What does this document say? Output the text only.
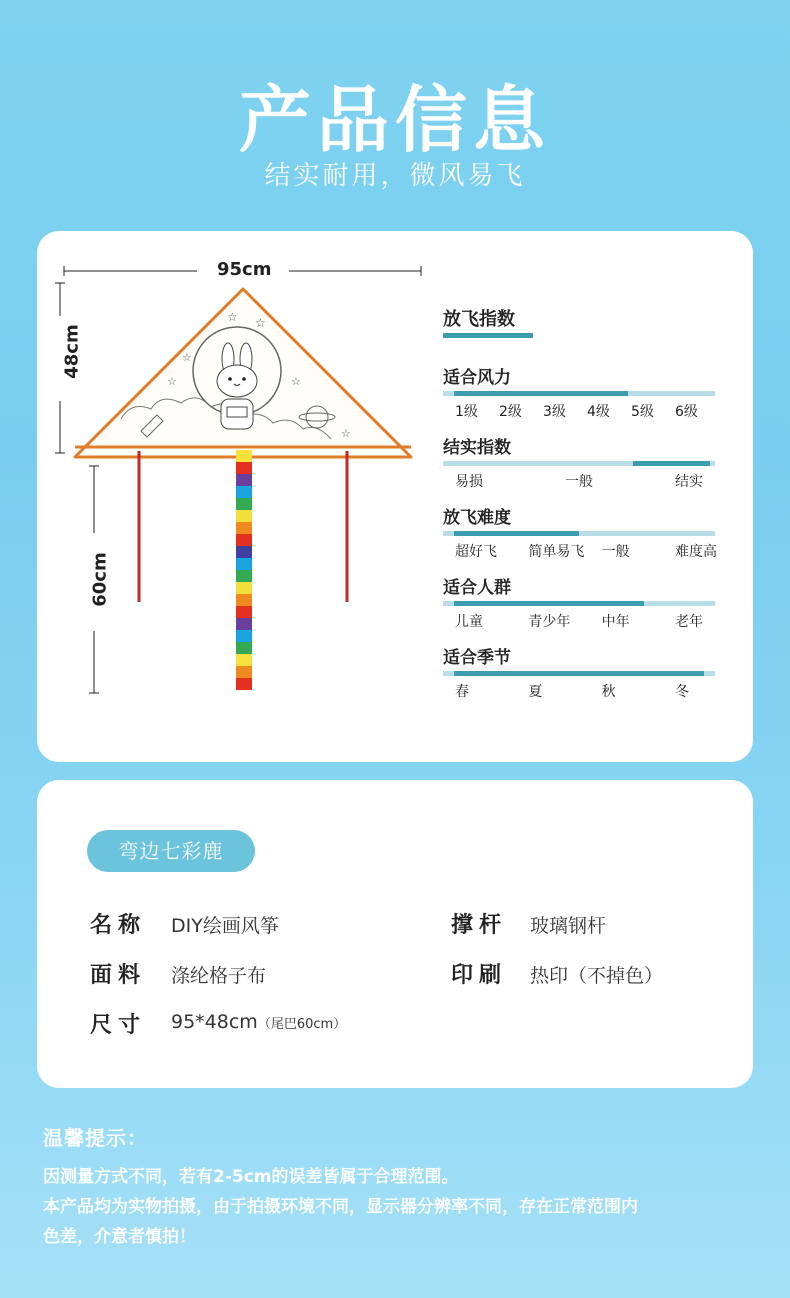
产品信息
结实耐用，微风易飞
☆ ☆
☆
☆	☆
☆
95cm
48cm
60cm
放飞指数
适合风力
1级 2级 3级 4级 5级 6级
结实指数
易损	一般	结实
放飞难度
超好飞 简单易飞 一般	难度高
适合人群
儿童	青少年 中年	老年
适合季节
春	夏	秋	冬
弯边七彩鹿
名称 DIY绘画风筝	撑杆 玻璃钢杆
面料 涤纶格子布	印刷 热印（不掉色）
尺寸 95*48cm（尾巴60cm）
温馨提示：
因测量方式不同，若有2-5cm的误差皆属于合理范围。
本产品均为实物拍摄，由于拍摄环境不同，显示器分辨率不同，存在正常范围内
色差，介意者慎拍！
